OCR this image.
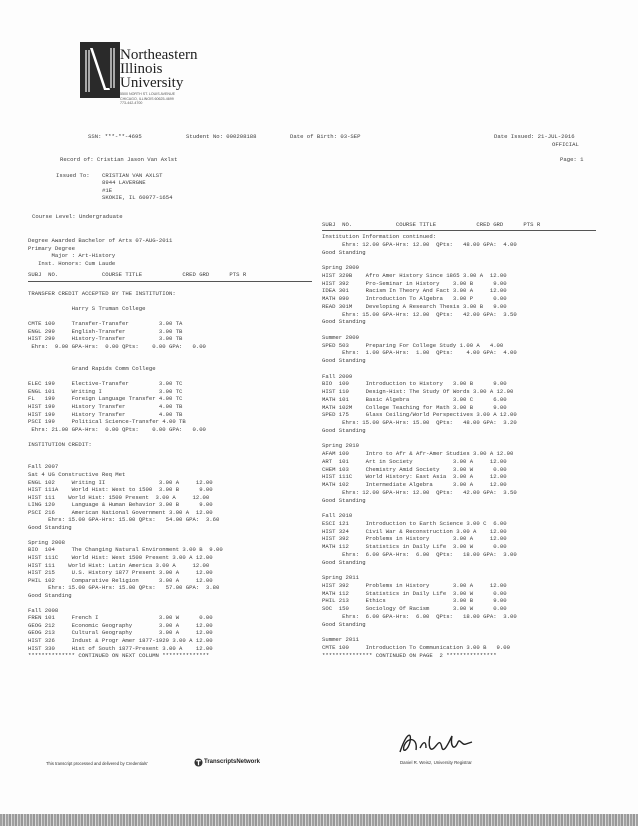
Northeastern
Illinois
University
5500 NORTH ST. LOUIS AVENUE
CHICAGO, ILLINOIS 60625-4699
773-442-4700
SSN: ***-**-4695	Student No: 000208188	Date of Birth: 03-SEP	Date Issued: 21-JUL-2016
OFFICIAL
Record of: Cristian Jason Van Axlst	Page: 1
Issued To: CRISTIAN VAN AXLST
8944 LAVERGNE
#1E
SKOKIE, IL 60077-1654
Course Level: Undergraduate
SUBJ  NO.             COURSE TITLE            CRED GRD      PTS R
SUBJ  NO.             COURSE TITLE            CRED GRD      PTS R
Degree Awarded Bachelor of Arts 07-AUG-2011
Primary Degree
Major : Art-History
Inst. Honors: Cum Laude
TRANSFER CREDIT ACCEPTED BY THE INSTITUTION:
Harry S Truman College
CMTE 100     Transfer-Transfer         3.00 TA
ENGL 299     English-Transfer          3.00 TB
HIST 299     History-Transfer          3.00 TB
Ehrs:  9.00 GPA-Hrs:  0.00 QPts:    0.00 GPA:   0.00
Grand Rapids Comm College
ELEC 199     Elective-Transfer         3.00 TC
ENGL 101     Writing I                 3.00 TC
FL   199     Foreign Language Transfer 4.00 TC
HIST 199     History Transfer          4.00 TB
HIST 199     History Transfer          4.00 TB
PSCI 199     Political Science-Transfer 4.00 TB
Ehrs: 21.00 GPA-Hrs:  0.00 QPts:    0.00 GPA:   0.00
INSTITUTION CREDIT:
Fall 2007
Sat 4 UG Constructive Req Met
ENGL 102     Writing II                3.00 A     12.00
HIST 111A    World Hist: West to 1500  3.00 B      9.00
HIST 111    World Hist: 1500 Present  3.00 A     12.00
LING 120     Language & Human Behavior 3.00 B      9.00
PSCI 216     American National Government 3.00 A  12.00
Ehrs: 15.00 GPA-Hrs: 15.00 QPts:   54.00 GPA:  3.60
Good Standing
Spring 2008
BIO  104     The Changing Natural Environment 3.00 B  9.00
HIST 111C    World Hist: West 1500 Present 3.00 A 12.00
HIST 111    World Hist: Latin America 3.00 A     12.00
HIST 215     U.S. History 1877 Present 3.00 A     12.00
PHIL 102     Comparative Religion      3.00 A     12.00
Ehrs: 15.00 GPA-Hrs: 15.00 QPts:   57.00 GPA:  3.80
Good Standing
Fall 2008
FREN 101     French I                  3.00 W      0.00
GEOG 212     Economic Geography        3.00 A     12.00
GEOG 213     Cultural Geography        3.00 A     12.00
HIST 326     Indust & Progr Amer 1877-1929 3.00 A 12.00
HIST 330     Hist of South 1877-Present 3.00 A    12.00
************** CONTINUED ON NEXT COLUMN **************
Institution Information continued:
Ehrs: 12.00 GPA-Hrs: 12.00  QPts:   48.00 GPA:  4.00
Good Standing
Spring 2009
HIST 329B    Afro Amer History Since 1865 3.00 A  12.00
HIST 392     Pro-Seminar in History    3.00 B      9.00
IDEA 301     Racism In Theory And Fact 3.00 A     12.00
MATH 090     Introduction To Algebra   3.00 P      0.00
READ 301M    Developing A Research Thesis 3.00 B   9.00
Ehrs: 15.00 GPA-Hrs: 12.00  QPts:   42.00 GPA:  3.50
Good Standing
Summer 2009
SPED 503     Preparing For College Study 1.00 A   4.00
Ehrs:  1.00 GPA-Hrs:  1.00  QPts:    4.00 GPA:  4.00
Good Standing
Fall 2009
BIO  100     Introduction to History   3.00 B      9.00
HIST 110     Design-Hist: The Study Of Words 3.00 A 12.00
MATH 101     Basic Algebra             3.00 C      6.00
MATH 102M    College Teaching for Math 3.00 B      9.00
SPED 175     Glass Ceiling/World Perspectives 3.00 A 12.00
Ehrs: 15.00 GPA-Hrs: 15.00  QPts:   48.00 GPA:  3.20
Good Standing
Spring 2010
AFAM 100     Intro to Afr & Afr-Amer Studies 3.00 A 12.00
ART  101     Art in Society            3.00 A     12.00
CHEM 103     Chemistry Amid Society    3.00 W      0.00
HIST 111C    World History: East Asia  3.00 A     12.00
MATH 102     Intermediate Algebra      3.00 A     12.00
Ehrs: 12.00 GPA-Hrs: 12.00  QPts:   42.00 GPA:  3.50
Good Standing
Fall 2010
ESCI 121     Introduction to Earth Science 3.00 C  6.00
HIST 324     Civil War & Reconstruction 3.00 A    12.00
HIST 392     Problems in History       3.00 A     12.00
MATH 112     Statistics in Daily Life  3.00 W      0.00
Ehrs:  6.00 GPA-Hrs:  6.00  QPts:   18.00 GPA:  3.00
Good Standing
Spring 2011
HIST 392     Problems in History       3.00 A     12.00
MATH 112     Statistics in Daily Life  3.00 W      0.00
PHIL 213     Ethics                    3.00 B      9.00
SOC  150     Sociology Of Racism       3.00 W      0.00
Ehrs:  6.00 GPA-Hrs:  6.00  QPts:   18.00 GPA:  3.00
Good Standing
Summer 2011
CMTE 100     Introduction To Communication 3.00 B   9.00
*************** CONTINUED ON PAGE  2 ***************
Daniel R. Weisz, University Registrar
This transcript processed and delivered by Credentials'	TranscriptsNetwork
